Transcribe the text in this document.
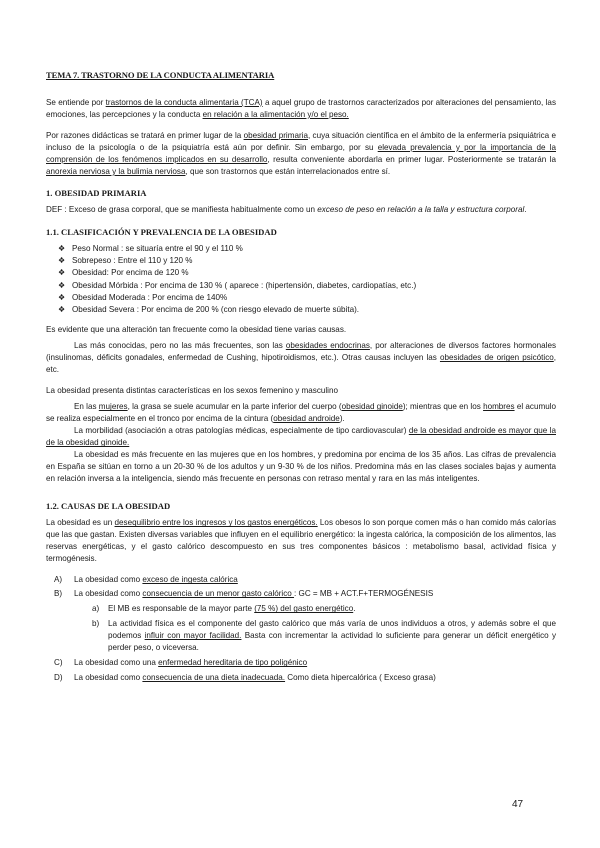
TEMA 7. TRASTORNO DE LA CONDUCTA ALIMENTARIA

Se entiende por trastornos de la conducta alimentaria (TCA) a aquel grupo de trastornos caracterizados por alteraciones del pensamiento, las emociones, las percepciones y la conducta en relación a la alimentación y/o el peso.

Por razones didácticas se tratará en primer lugar de la obesidad primaria, cuya situación científica en el ámbito de la enfermería psiquiátrica e incluso de la psicología o de la psiquiatría está aún por definir. Sin embargo, por su elevada prevalencia y por la importancia de la comprensión de los fenómenos implicados en su desarrollo, resulta conveniente abordarla en primer lugar. Posteriormente se tratarán la anorexia nerviosa y la bulimia nerviosa, que son trastornos que están interrelacionados entre sí.

1. OBESIDAD PRIMARIA

DEF : Exceso de grasa corporal, que se manifiesta habitualmente como un exceso de peso en relación a la talla y estructura corporal.

1.1. CLASIFICACIÓN Y PREVALENCIA DE LA OBESIDAD
❖ Peso Normal : se situaría entre el 90 y el 110 %
❖ Sobrepeso : Entre el 110 y 120 %
❖ Obesidad: Por encima de 120 %
❖ Obesidad Mórbida : Por encima de 130 % ( aparece : (hipertensión, diabetes, cardiopatías, etc.)
❖ Obesidad Moderada : Por encima de 140%
❖ Obesidad Severa : Por encima de 200 % (con riesgo elevado de muerte súbita).

Es evidente que una alteración tan frecuente como la obesidad tiene varias causas.

Las más conocidas, pero no las más frecuentes, son las obesidades endocrinas, por alteraciones de diversos factores hormonales (insulinomas, déficits gonadales, enfermedad de Cushing, hipotiroidismos, etc.). Otras causas incluyen las obesidades de origen psicótico, etc.

La obesidad presenta distintas características en los sexos femenino y masculino

En las mujeres, la grasa se suele acumular en la parte inferior del cuerpo (obesidad ginoide); mientras que en los hombres el acumulo se realiza especialmente en el tronco por encima de la cintura (obesidad androide).

La morbilidad (asociación a otras patologías médicas, especialmente de tipo cardiovascular) de la obesidad androide es mayor que la de la obesidad ginoide.

La obesidad es más frecuente en las mujeres que en los hombres, y predomina por encima de los 35 años. Las cifras de prevalencia en España se sitúan en torno a un 20-30 % de los adultos y un 9-30 % de los niños. Predomina más en las clases sociales bajas y aumenta en relación inversa a la inteligencia, siendo más frecuente en personas con retraso mental y rara en las más inteligentes.

1.2. CAUSAS DE LA OBESIDAD

La obesidad es un desequilibrio entre los ingresos y los gastos energéticos. Los obesos lo son porque comen más o han comido más calorías que las que gastan. Existen diversas variables que influyen en el equilibrio energético: la ingesta calórica, la composición de los alimentos, las reservas energéticas, y el gasto calórico descompuesto en sus tres componentes básicos : metabolismo basal, actividad física y termogénesis.

A) La obesidad como exceso de ingesta calórica
B) La obesidad como consecuencia de un menor gasto calórico : GC = MB + ACT.F+TERMOGÉNESIS
a) El MB es responsable de la mayor parte (75 %) del gasto energético.
b) La actividad física es el componente del gasto calórico que más varía de unos individuos a otros, y además sobre el que podemos influir con mayor facilidad. Basta con incrementar la actividad lo suficiente para generar un déficit energético y perder peso, o viceversa.
C) La obesidad como una enfermedad hereditaria de tipo poligénico
D) La obesidad como consecuencia de una dieta inadecuada. Como dieta hipercalórica ( Exceso grasa)
47
